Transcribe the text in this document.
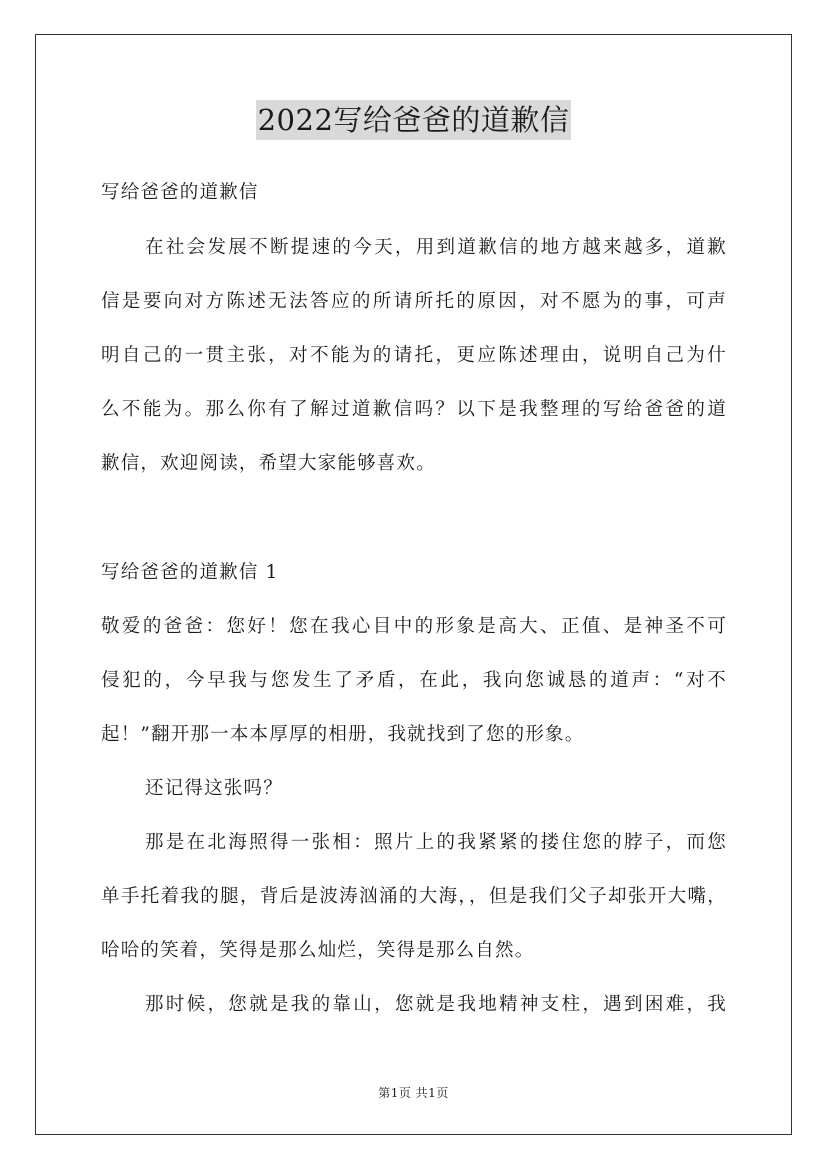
2022写给爸爸的道歉信
写给爸爸的道歉信
在社会发展不断提速的今天，用到道歉信的地方越来越多，道歉
信是要向对方陈述无法答应的所请所托的原因，对不愿为的事，可声
明自己的一贯主张，对不能为的请托，更应陈述理由，说明自己为什
么不能为。那么你有了解过道歉信吗？以下是我整理的写给爸爸的道
歉信，欢迎阅读，希望大家能够喜欢。
写给爸爸的道歉信 1
敬爱的爸爸：您好！您在我心目中的形象是高大、正值、是神圣不可
侵犯的，今早我与您发生了矛盾，在此，我向您诚恳的道声：“对不
起！”翻开那一本本厚厚的相册，我就找到了您的形象。
还记得这张吗？
那是在北海照得一张相：照片上的我紧紧的搂住您的脖子，而您
单手托着我的腿，背后是波涛汹涌的大海，，但是我们父子却张开大嘴，
哈哈的笑着，笑得是那么灿烂，笑得是那么自然。
那时候，您就是我的靠山，您就是我地精神支柱，遇到困难，我
第1页 共1页
